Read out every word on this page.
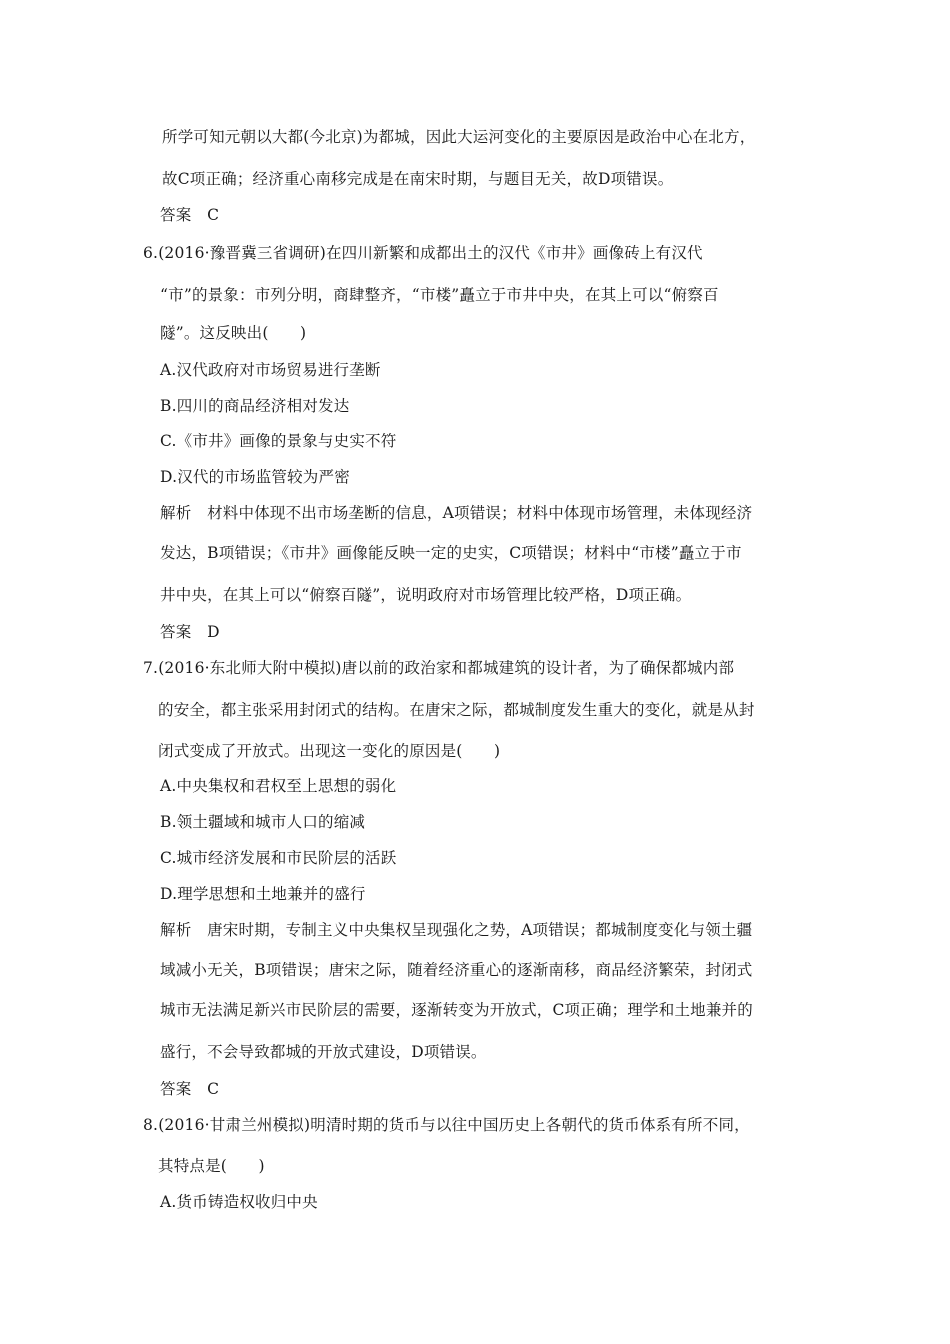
所学可知元朝以大都(今北京)为都城，因此大运河变化的主要原因是政治中心在北方，
故C项正确；经济重心南移完成是在南宋时期，与题目无关，故D项错误。
答案　C
6.(2016·豫晋冀三省调研)在四川新繁和成都出土的汉代《市井》画像砖上有汉代
“市”的景象：市列分明，商肆整齐，“市楼”矗立于市井中央，在其上可以“俯察百
隧”。这反映出(　　)
A.汉代政府对市场贸易进行垄断
B.四川的商品经济相对发达
C.《市井》画像的景象与史实不符
D.汉代的市场监管较为严密
解析　材料中体现不出市场垄断的信息，A项错误；材料中体现市场管理，未体现经济
发达，B项错误；《市井》画像能反映一定的史实，C项错误；材料中“市楼”矗立于市
井中央，在其上可以“俯察百隧”，说明政府对市场管理比较严格，D项正确。
答案　D
7.(2016·东北师大附中模拟)唐以前的政治家和都城建筑的设计者，为了确保都城内部
的安全，都主张采用封闭式的结构。在唐宋之际，都城制度发生重大的变化，就是从封
闭式变成了开放式。出现这一变化的原因是(　　)
A.中央集权和君权至上思想的弱化
B.领土疆域和城市人口的缩减
C.城市经济发展和市民阶层的活跃
D.理学思想和土地兼并的盛行
解析　唐宋时期，专制主义中央集权呈现强化之势，A项错误；都城制度变化与领土疆
域减小无关，B项错误；唐宋之际，随着经济重心的逐渐南移，商品经济繁荣，封闭式
城市无法满足新兴市民阶层的需要，逐渐转变为开放式，C项正确；理学和土地兼并的
盛行，不会导致都城的开放式建设，D项错误。
答案　C
8.(2016·甘肃兰州模拟)明清时期的货币与以往中国历史上各朝代的货币体系有所不同，
其特点是(　　)
A.货币铸造权收归中央
